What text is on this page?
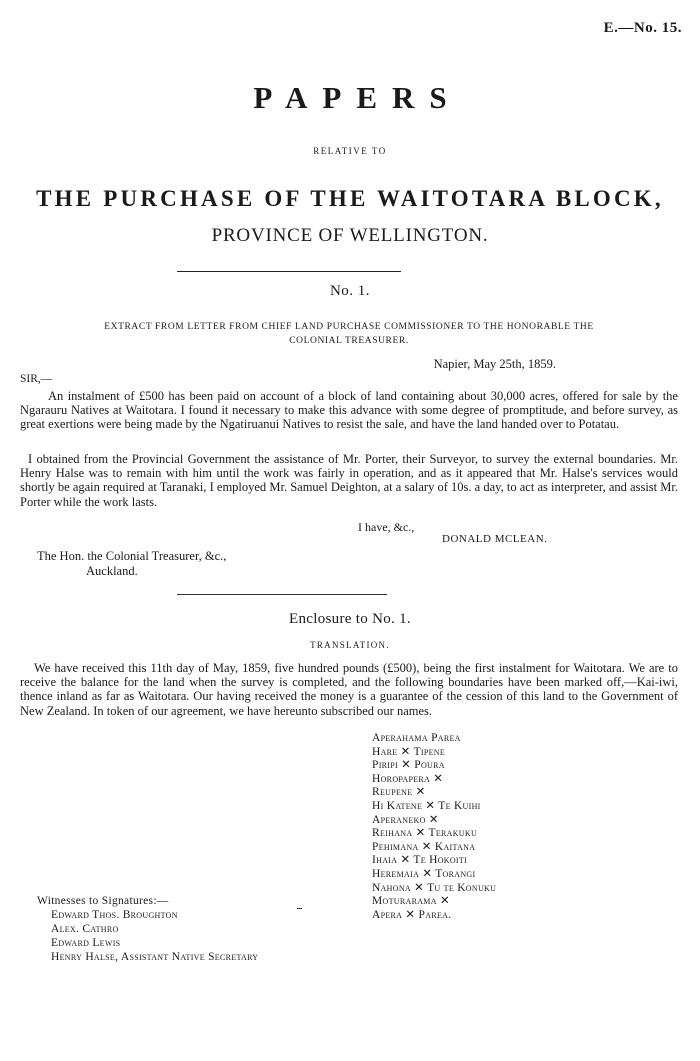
E.—No. 15.
PAPERS
RELATIVE TO
THE PURCHASE OF THE WAITOTARA BLOCK,
PROVINCE OF WELLINGTON.
No. 1.
EXTRACT FROM LETTER FROM CHIEF LAND PURCHASE COMMISSIONER TO THE HONORABLE THE
COLONIAL TREASURER.
Napier, May 25th, 1859.
SIR,—
An instalment of £500 has been paid on account of a block of land containing about 30,000 acres, offered for sale by the Ngarauru Natives at Waitotara. I found it necessary to make this advance with some degree of promptitude, and before survey, as great exertions were being made by the Ngatiruanui Natives to resist the sale, and have the land handed over to Potatau.
I obtained from the Provincial Government the assistance of Mr. Porter, their Surveyor, to survey the external boundaries. Mr. Henry Halse was to remain with him until the work was fairly in operation, and as it appeared that Mr. Halse's services would shortly be again required at Taranaki, I employed Mr. Samuel Deighton, at a salary of 10s. a day, to act as interpreter, and assist Mr. Porter while the work lasts.
I have, &c.,
DONALD MCLEAN.
The Hon. the Colonial Treasurer, &c.,
Auckland.
Enclosure to No. 1.
TRANSLATION.
We have received this 11th day of May, 1859, five hundred pounds (£500), being the first instalment for Waitotara. We are to receive the balance for the land when the survey is completed, and the following boundaries have been marked off,—Kai-iwi, thence inland as far as Waitotara. Our having received the money is a guarantee of the cession of this land to the Government of New Zealand. In token of our agreement, we have hereunto subscribed our names.
Aperahama Parea
Hare ✕ Tipene
Piripi ✕ Poura
Horopapera ✕
Reupene ✕
Hi Katene ✕ Te Kuihi
Aperaneko ✕
Reihana ✕ Terakuku
Pehimana ✕ Kaitana
Ihaia ✕ Te Hokoiti
Heremaia ✕ Torangi
Nahona ✕ Tu te Konuku
Moturarama ✕
Apera ✕ Parea.
Witnesses to Signatures:—
Edward Thos. Broughton
Alex. Cathro
Edward Lewis
Henry Halse, Assistant Native Secretary
